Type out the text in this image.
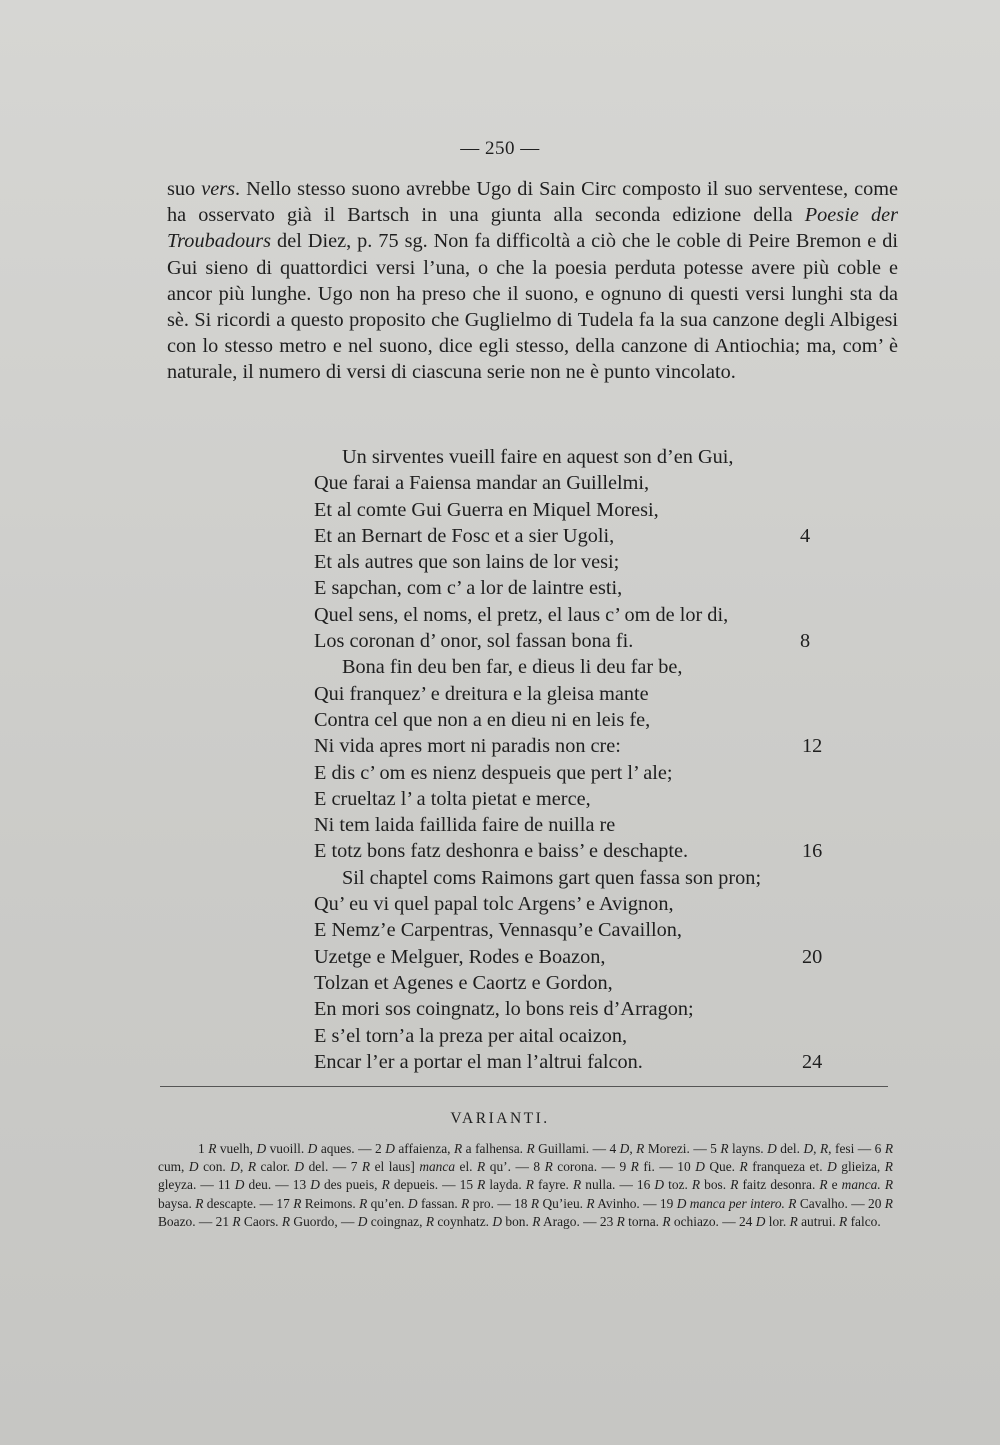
— 250 —

suo vers. Nello stesso suono avrebbe Ugo di Sain Circ composto il suo serventese, come ha osservato già il Bartsch in una giunta alla seconda edizione della Poesie der Troubadours del Diez, p. 75 sg. Non fa difficoltà a ciò che le coble di Peire Bremon e di Gui sieno di quattordici versi l’una, o che la poesia perduta potesse avere più coble e ancor più lunghe. Ugo non ha preso che il suono, e ognuno di questi versi lunghi sta da sè. Si ricordi a questo proposito che Guglielmo di Tudela fa la sua canzone degli Albigesi con lo stesso metro e nel suono, dice egli stesso, della canzone di Antiochia; ma, com’ è naturale, il numero di versi di ciascuna serie non ne è punto vincolato.

Un sirventes vueill faire en aquest son d’en Gui,
Que farai a Faiensa mandar an Guillelmi,
Et al comte Gui Guerra en Miquel Moresi,
Et an Bernart de Fosc et a sier Ugoli,	4
Et als autres que son lains de lor vesi;
E sapchan, com c’ a lor de laintre esti,
Quel sens, el noms, el pretz, el laus c’ om de lor di,
Los coronan d’ onor, sol fassan bona fi.	8
Bona fin deu ben far, e dieus li deu far be,
Qui franquez’ e dreitura e la gleisa mante
Contra cel que non a en dieu ni en leis fe,
Ni vida apres mort ni paradis non cre:	12
E dis c’ om es nienz despueis que pert l’ ale;
E crueltaz l’ a tolta pietat e merce,
Ni tem laida faillida faire de nuilla re
E totz bons fatz deshonra e baiss’ e deschapte.	16
Sil chaptel coms Raimons gart quen fassa son pron;
Qu’ eu vi quel papal tolc Argens’ e Avignon,
E Nemz’e Carpentras, Vennasqu’e Cavaillon,
Uzetge e Melguer, Rodes e Boazon,	20
Tolzan et Agenes e Caortz e Gordon,
En mori sos coingnatz, lo bons reis d’Arragon;
E s’el torn’a la preza per aital ocaizon,
Encar l’er a portar el man l’altrui falcon.	24
VARIANTI.

1 R vuelh, D vuoill. D aques. — 2 D affaienza, R a falhensa. R Guillami. — 4 D, R Morezi. — 5 R layns. D del. D, R, fesi — 6 R cum, D con. D, R calor. D del. — 7 R el laus] manca el. R qu’. — 8 R corona. — 9 R fi. — 10 D Que. R franqueza et. D glieiza, R gleyza. — 11 D deu. — 13 D des pueis, R depueis. — 15 R layda. R fayre. R nulla. — 16 D toz. R bos. R faitz desonra. R e manca. R baysa. R descapte. — 17 R Reimons. R qu’en. D fassan. R pro. — 18 R Qu’ieu. R Avinho. — 19 D manca per intero. R Cavalho. — 20 R Boazo. — 21 R Caors. R Guordo, — D coingnaz, R coynhatz. D bon. R Arago. — 23 R torna. R ochiazo. — 24 D lor. R autrui. R falco.
